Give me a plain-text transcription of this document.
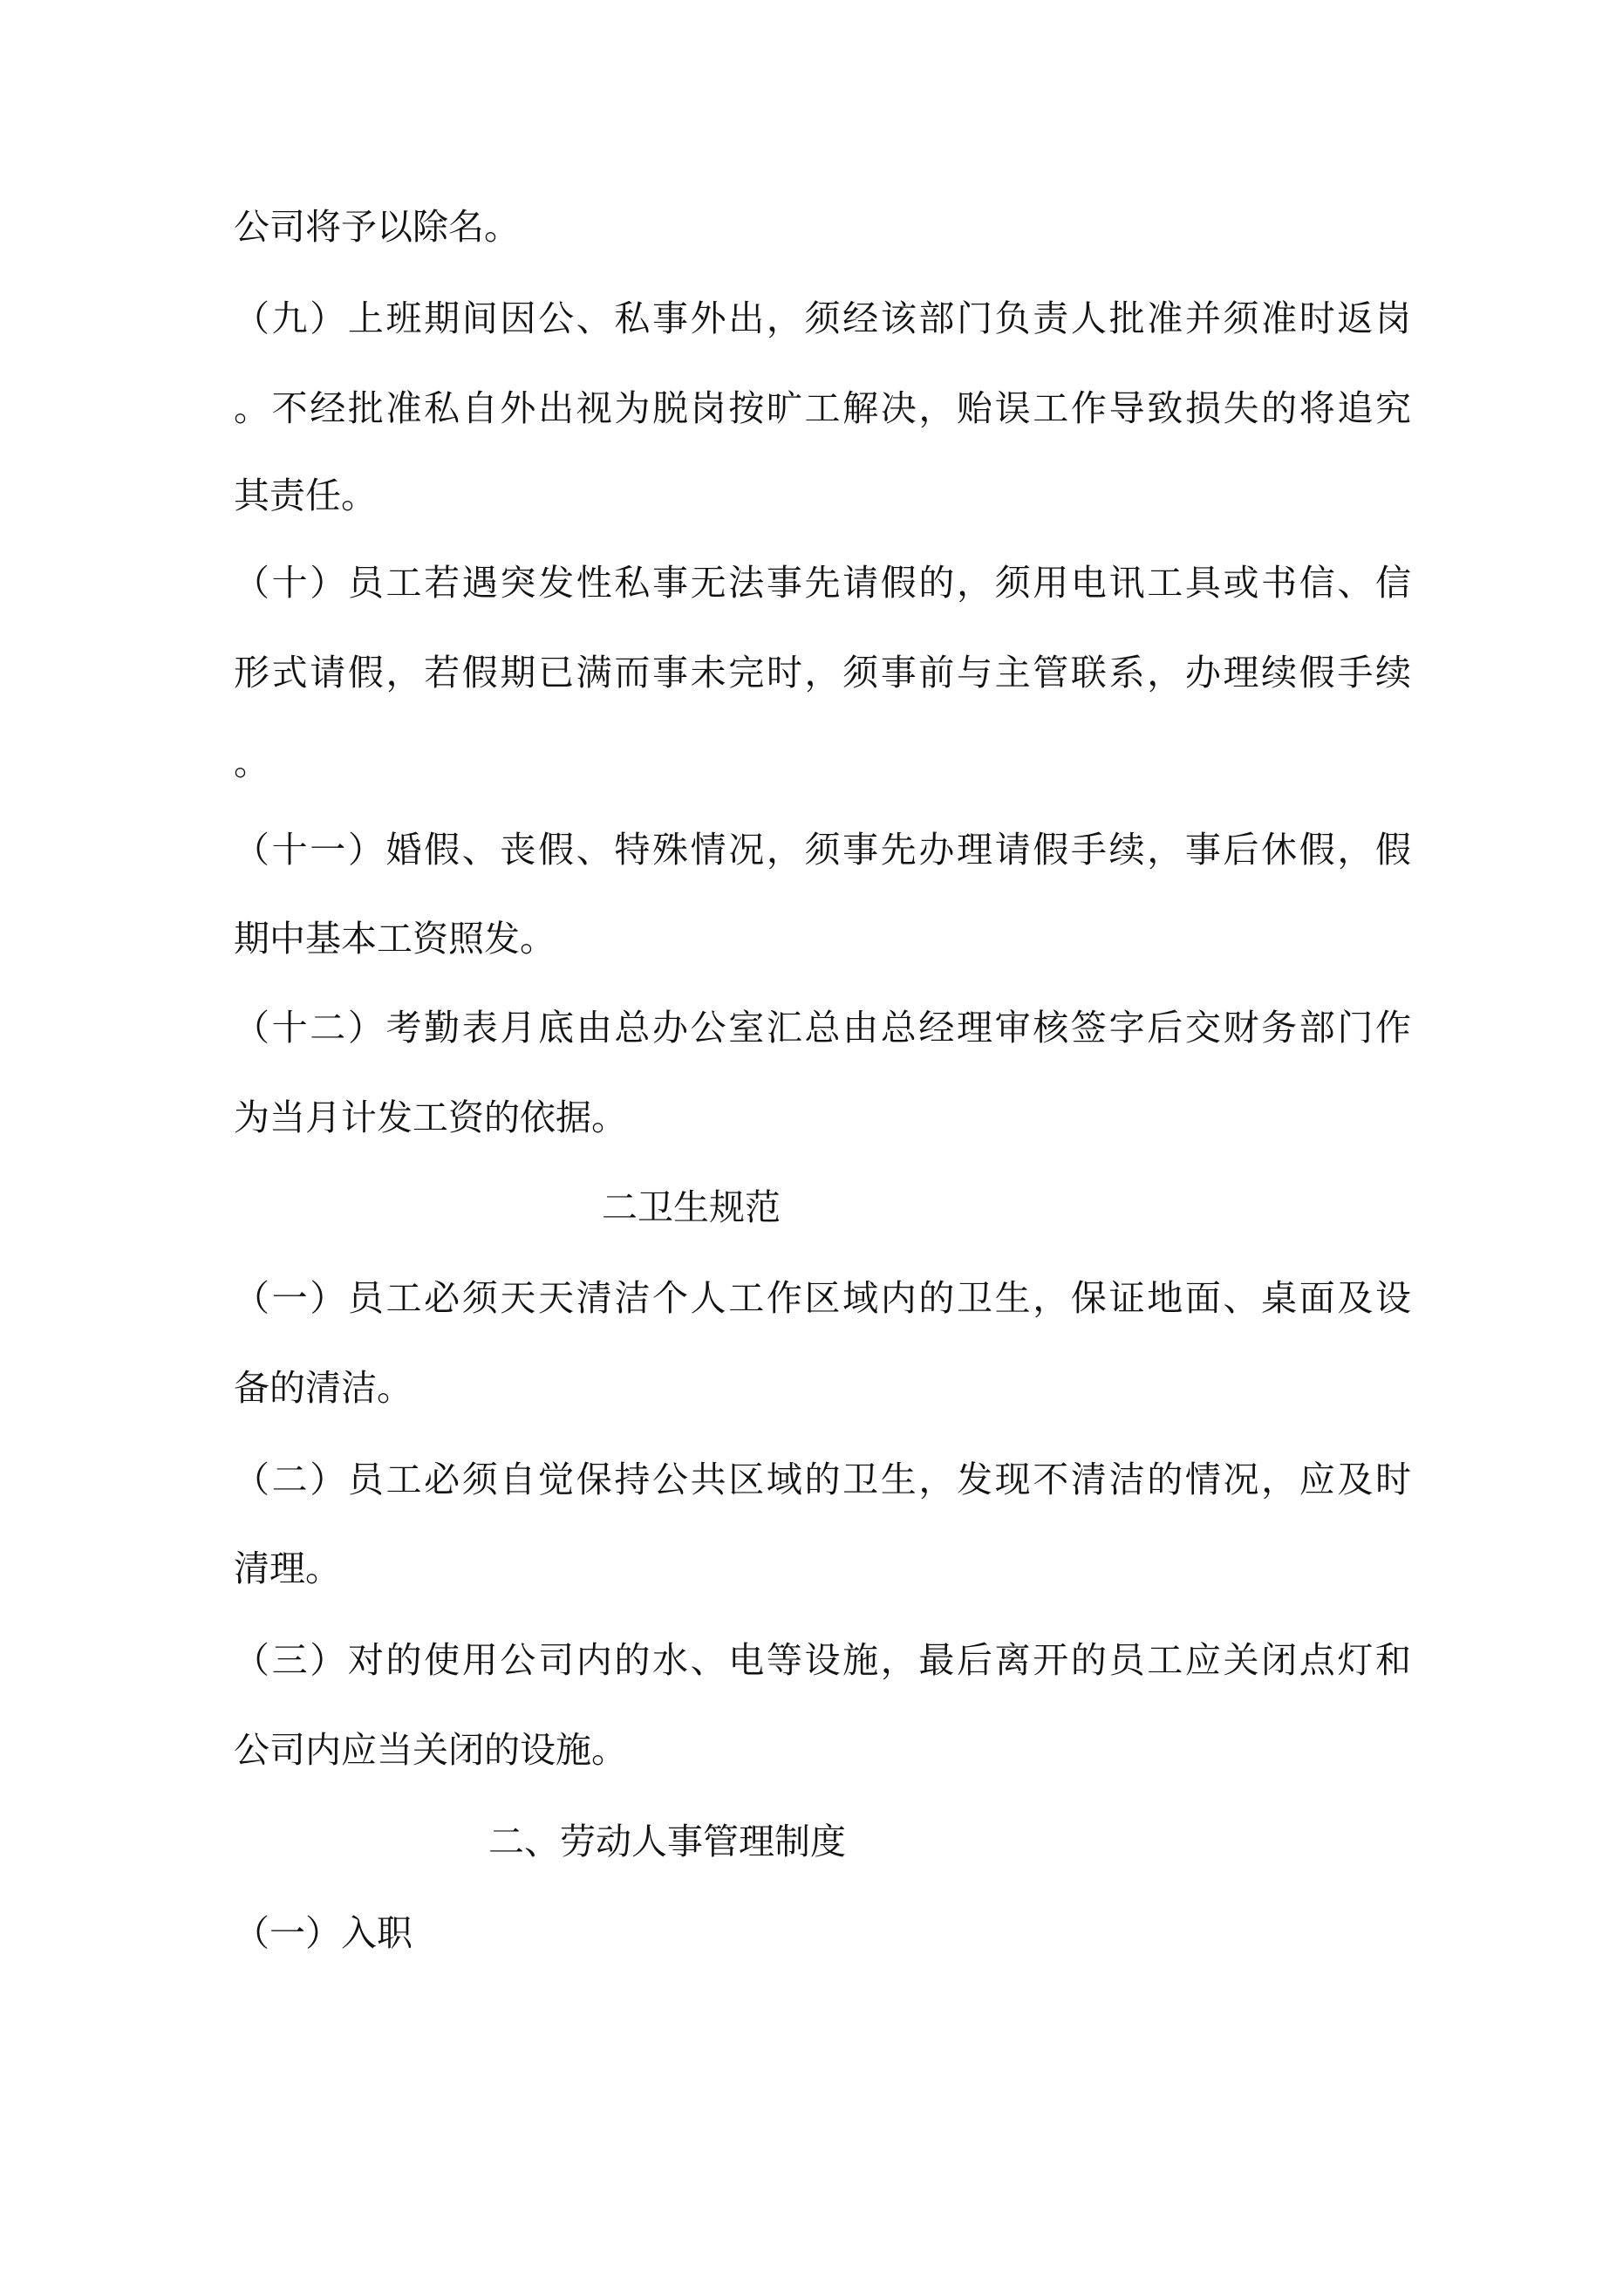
公司将予以除名。
（九）上班期间因公、私事外出，须经该部门负责人批准并须准时返岗
。不经批准私自外出视为脱岗按旷工解决，贻误工作导致损失的将追究
其责任。
（十）员工若遇突发性私事无法事先请假的，须用电讯工具或书信、信
形式请假，若假期已满而事未完时，须事前与主管联系，办理续假手续
。
（十一）婚假、丧假、特殊情况，须事先办理请假手续，事后休假，假
期中基本工资照发。
（十二）考勤表月底由总办公室汇总由总经理审核签字后交财务部门作
为当月计发工资的依据。
二卫生规范
（一）员工必须天天清洁个人工作区域内的卫生，保证地面、桌面及设
备的清洁。
（二）员工必须自觉保持公共区域的卫生，发现不清洁的情况，应及时
清理。
（三）对的使用公司内的水、电等设施，最后离开的员工应关闭点灯和
公司内应当关闭的设施。
二、劳动人事管理制度
（一）入职
